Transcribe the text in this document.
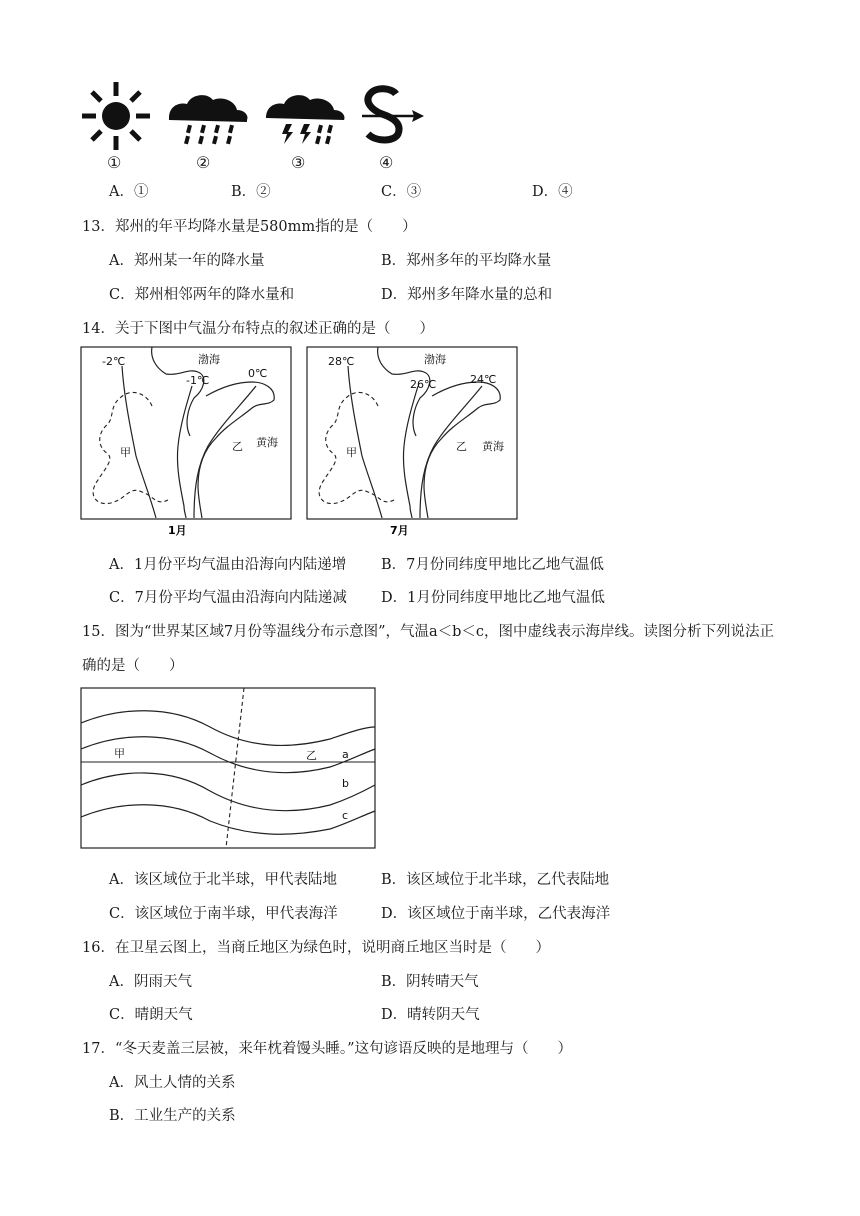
①	②	③	④
A．①	B．②	C．③	D．④
13．郑州的年平均降水量是580mm指的是（　　）
A．郑州某一年的降水量	B．郑州多年的平均降水量
C．郑州相邻两年的降水量和	D．郑州多年降水量的总和
14．关于下图中气温分布特点的叙述正确的是（　　）
-2℃
-1℃
0℃
渤海
黄海
甲	乙
1月
28℃
26℃	24℃
渤海
黄海
甲	乙
7月
A．1月份平均气温由沿海向内陆递增 B．7月份同纬度甲地比乙地气温低
C．7月份平均气温由沿海向内陆递减 D．1月份同纬度甲地比乙地气温低
15．图为“世界某区域7月份等温线分布示意图”，气温a＜b＜c，图中虚线表示海岸线。读图分析下列说法正
确的是（　　）
甲	乙 a
b
c
A．该区域位于北半球，甲代表陆地	B．该区域位于北半球，乙代表陆地
C．该区域位于南半球，甲代表海洋	D．该区域位于南半球，乙代表海洋
16．在卫星云图上，当商丘地区为绿色时，说明商丘地区当时是（　　）
A．阴雨天气	B．阴转晴天气
C．晴朗天气	D．晴转阴天气
17．“冬天麦盖三层被，来年枕着馒头睡。”这句谚语反映的是地理与（　　）
A．风土人情的关系
B．工业生产的关系
